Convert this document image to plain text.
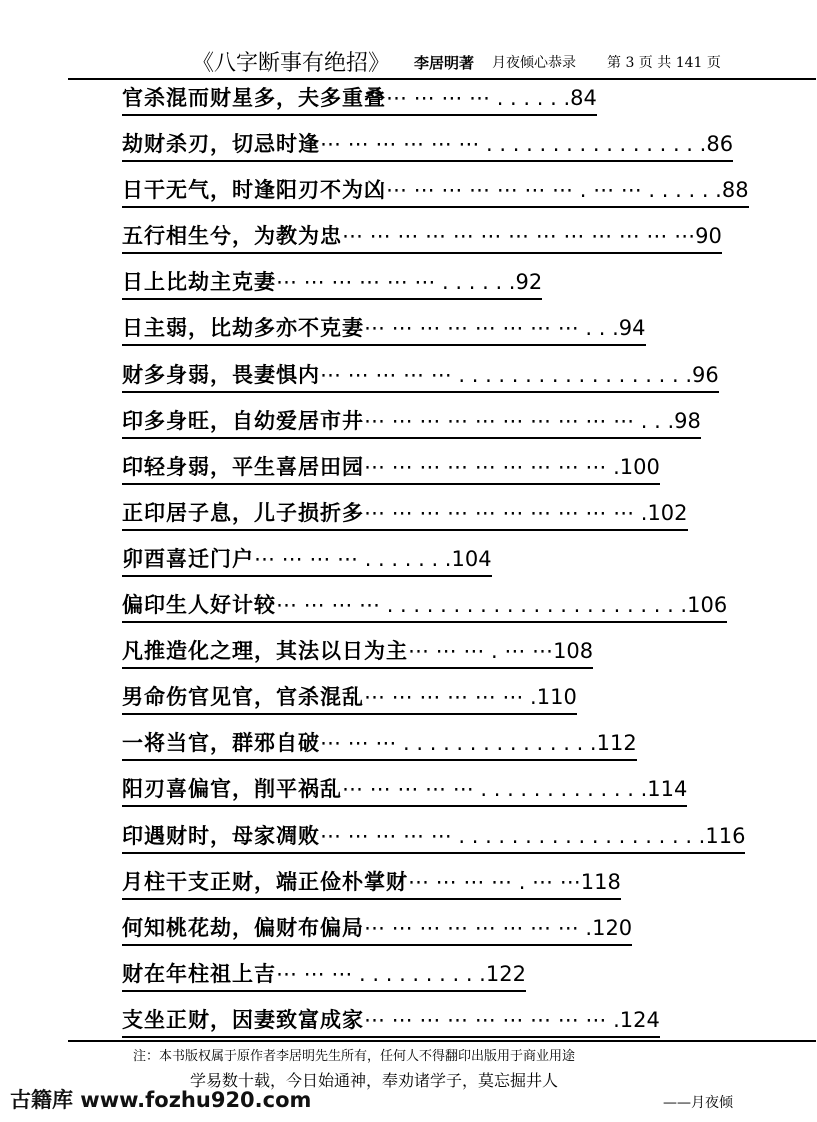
《八字断事有绝招》 李居明著 月夜倾心恭录 第 3 页 共 141 页
官杀混而财星多，夫多重叠⋯ ⋯ ⋯ ⋯ . . . . . .84
劫财杀刃，切忌时逢⋯ ⋯ ⋯ ⋯ ⋯ ⋯ . . . . . . . . . . . . . . . . .86
日干无气，时逢阳刃不为凶⋯ ⋯ ⋯ ⋯ ⋯ ⋯ ⋯ . ⋯ ⋯ . . . . . .88
五行相生兮，为教为忠⋯ ⋯ ⋯ ⋯ ⋯ ⋯ ⋯ ⋯ ⋯ ⋯ ⋯ ⋯ ⋯90
日上比劫主克妻⋯ ⋯ ⋯ ⋯ ⋯ ⋯ . . . . . .92
日主弱，比劫多亦不克妻⋯ ⋯ ⋯ ⋯ ⋯ ⋯ ⋯ ⋯ . . .94
财多身弱，畏妻惧内⋯ ⋯ ⋯ ⋯ ⋯ . . . . . . . . . . . . . . . . . .96
印多身旺，自幼爱居市井⋯ ⋯ ⋯ ⋯ ⋯ ⋯ ⋯ ⋯ ⋯ ⋯ . . .98
印轻身弱，平生喜居田园⋯ ⋯ ⋯ ⋯ ⋯ ⋯ ⋯ ⋯ ⋯ .100
正印居子息，儿子损折多⋯ ⋯ ⋯ ⋯ ⋯ ⋯ ⋯ ⋯ ⋯ ⋯ .102
卯酉喜迁门户⋯ ⋯ ⋯ ⋯ . . . . . . .104
偏印生人好计较⋯ ⋯ ⋯ ⋯ . . . . . . . . . . . . . . . . . . . . . . .106
凡推造化之理，其法以日为主⋯ ⋯ ⋯ . ⋯ ⋯108
男命伤官见官，官杀混乱⋯ ⋯ ⋯ ⋯ ⋯ ⋯ .110
一将当官，群邪自破⋯ ⋯ ⋯ . . . . . . . . . . . . . . .112
阳刃喜偏官，削平祸乱⋯ ⋯ ⋯ ⋯ ⋯ . . . . . . . . . . . . .114
印遇财时，母家凋败⋯ ⋯ ⋯ ⋯ ⋯ . . . . . . . . . . . . . . . . . . .116
月柱干支正财，端正俭朴掌财⋯ ⋯ ⋯ ⋯ . ⋯ ⋯118
何知桃花劫，偏财布偏局⋯ ⋯ ⋯ ⋯ ⋯ ⋯ ⋯ ⋯ .120
财在年柱祖上吉⋯ ⋯ ⋯ . . . . . . . . . .122
支坐正财，因妻致富成家⋯ ⋯ ⋯ ⋯ ⋯ ⋯ ⋯ ⋯ ⋯ .124
注：本书版权属于原作者李居明先生所有，任何人不得翻印出版用于商业用途
学易数十载，今日始通神，奉劝诸学子，莫忘掘井人
古籍库 www.fozhu920.com	——月夜倾
